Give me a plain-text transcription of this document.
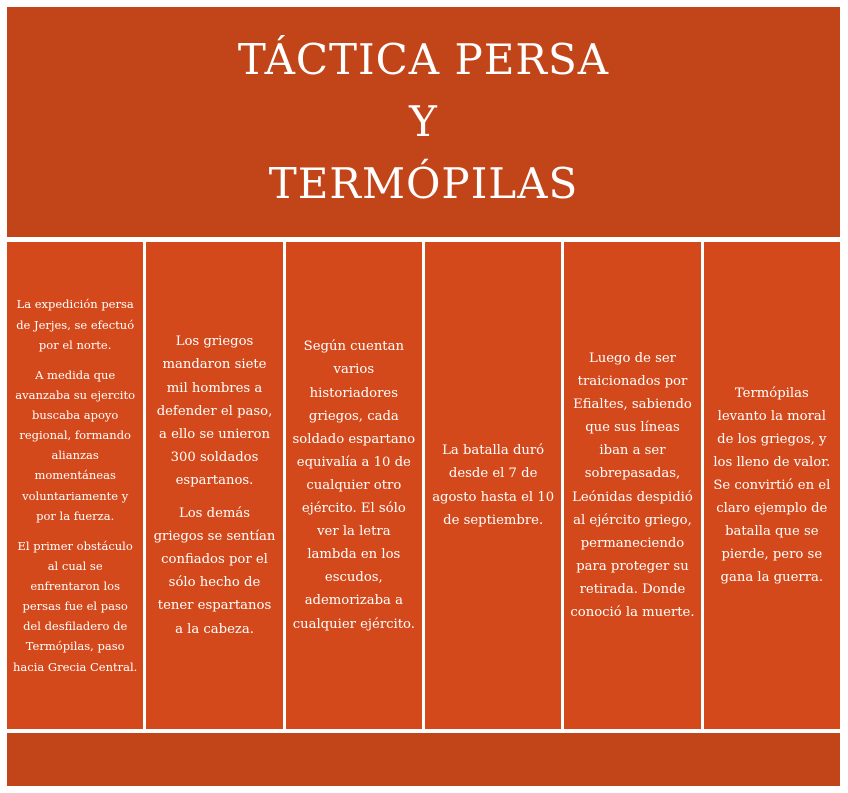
TÁCTICA PERSA
Y
TERMÓPILAS

La expedición persa de Jerjes, se efectuó por el norte.

A medida que avanzaba su ejercito buscaba apoyo regional, formando alianzas momentáneas voluntariamente y por la fuerza.

El primer obstáculo al cual se enfrentaron los persas fue el paso del desfiladero de Termópilas, paso hacia Grecia Central.

Los griegos mandaron siete mil hombres a defender el paso, a ello se unieron 300 soldados espartanos.

Los demás griegos se sentían confiados por el sólo hecho de tener espartanos a la cabeza.

Según cuentan varios historiadores griegos, cada soldado espartano equivalía a 10 de cualquier otro ejército. El sólo ver la letra lambda en los escudos, ademorizaba a cualquier ejército.

La batalla duró desde el 7 de agosto hasta el 10 de septiembre.

Luego de ser traicionados por Efialtes, sabiendo que sus líneas iban a ser sobrepasadas, Leónidas despidió al ejército griego, permaneciendo para proteger su retirada. Donde conoció la muerte.

Termópilas levanto la moral de los griegos, y los lleno de valor. Se convirtió en el claro ejemplo de batalla que se pierde, pero se gana la guerra.
